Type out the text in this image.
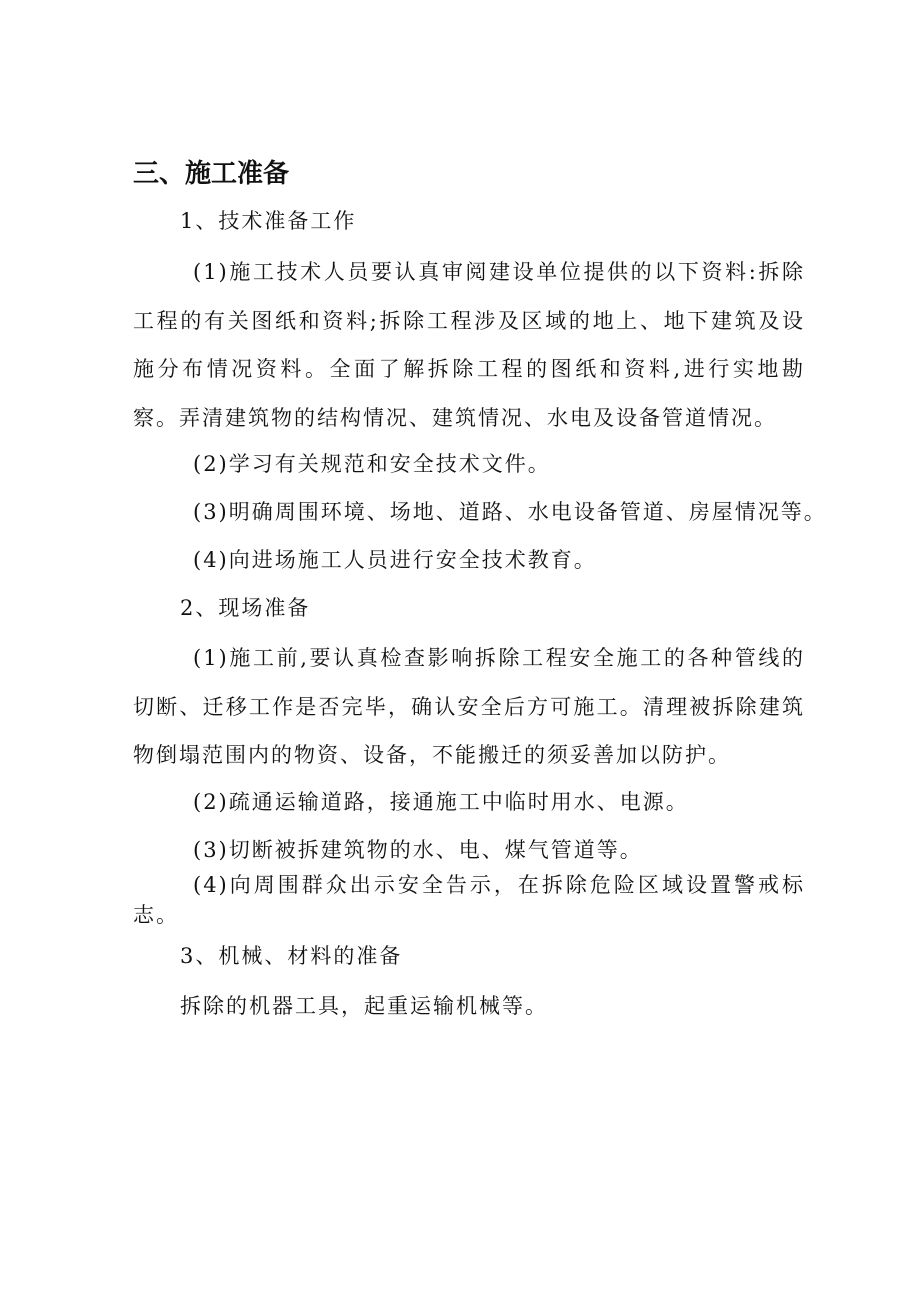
三、施工准备
1、技术准备工作
(1)施工技术人员要认真审阅建设单位提供的以下资料:拆除工程的有关图纸和资料;拆除工程涉及区域的地上、地下建筑及设施分布情况资料。全面了解拆除工程的图纸和资料,进行实地勘察。弄清建筑物的结构情况、建筑情况、水电及设备管道情况。
(2)学习有关规范和安全技术文件。
(3)明确周围环境、场地、道路、水电设备管道、房屋情况等。
(4)向进场施工人员进行安全技术教育。
2、现场准备
(1)施工前,要认真检查影响拆除工程安全施工的各种管线的切断、迁移工作是否完毕，确认安全后方可施工。清理被拆除建筑物倒塌范围内的物资、设备，不能搬迁的须妥善加以防护。
(2)疏通运输道路，接通施工中临时用水、电源。
(3)切断被拆建筑物的水、电、煤气管道等。
(4)向周围群众出示安全告示，在拆除危险区域设置警戒标志。
3、机械、材料的准备
拆除的机器工具，起重运输机械等。
